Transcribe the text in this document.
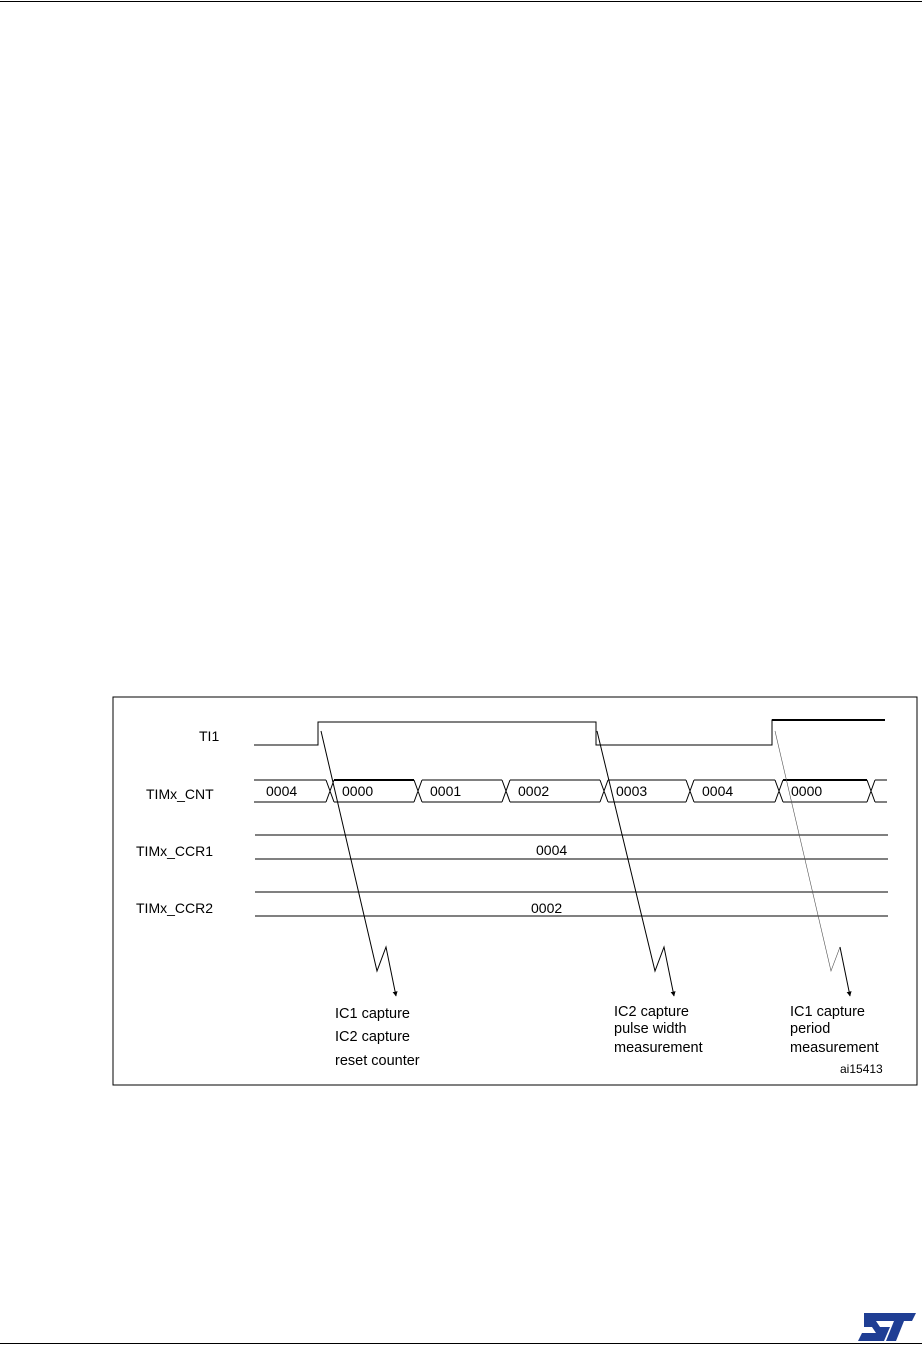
TI1
TIMx_CNT
TIMx_CCR1
TIMx_CCR2
0004	0000	0001	0002	0003	0004	0000
0004
0002
IC1 capture
IC2 capture
reset counter
IC2 capture
pulse width
measurement
IC1 capture
period
measurement
ai15413
